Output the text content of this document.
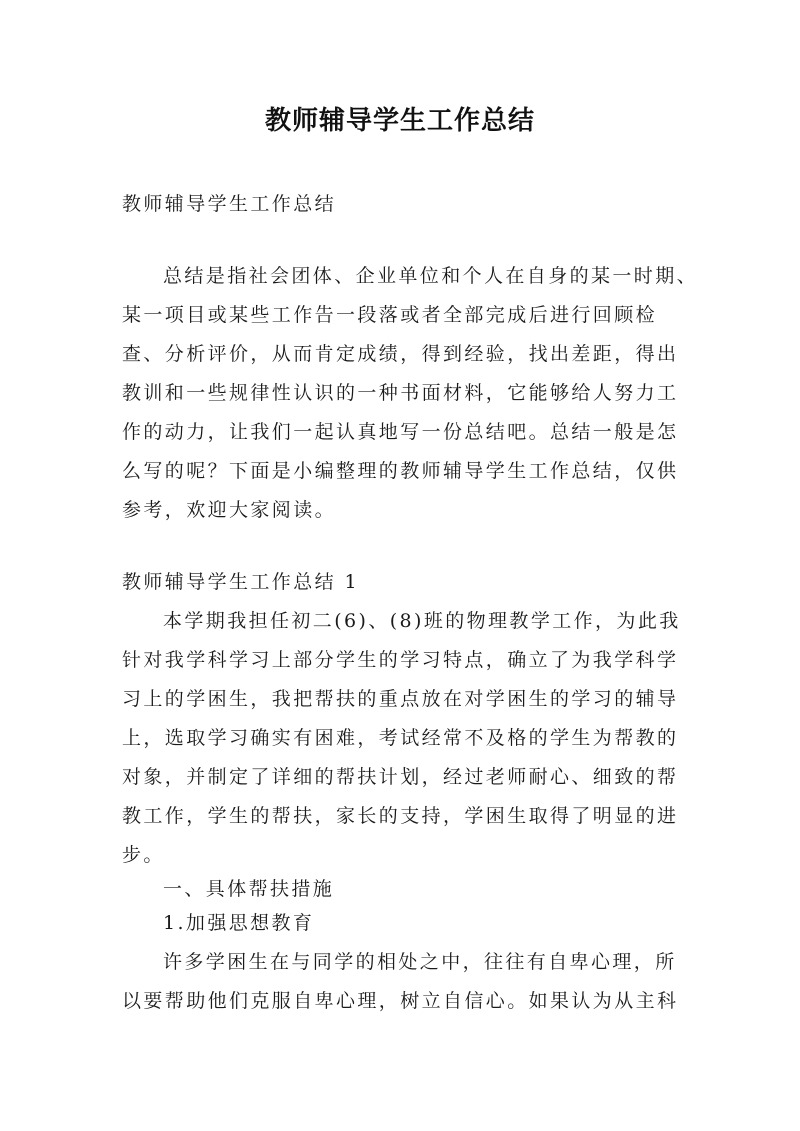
教师辅导学生工作总结
教师辅导学生工作总结
总结是指社会团体、企业单位和个人在自身的某一时期、
某一项目或某些工作告一段落或者全部完成后进行回顾检
查、分析评价，从而肯定成绩，得到经验，找出差距，得出
教训和一些规律性认识的一种书面材料，它能够给人努力工
作的动力，让我们一起认真地写一份总结吧。总结一般是怎
么写的呢？下面是小编整理的教师辅导学生工作总结，仅供
参考，欢迎大家阅读。
教师辅导学生工作总结 1
本学期我担任初二(6)、(8)班的物理教学工作，为此我
针对我学科学习上部分学生的学习特点，确立了为我学科学
习上的学困生，我把帮扶的重点放在对学困生的学习的辅导
上，选取学习确实有困难，考试经常不及格的学生为帮教的
对象，并制定了详细的帮扶计划，经过老师耐心、细致的帮
教工作，学生的帮扶，家长的支持，学困生取得了明显的进
步。
一、具体帮扶措施
1.加强思想教育
许多学困生在与同学的相处之中，往往有自卑心理，所
以要帮助他们克服自卑心理，树立自信心。如果认为从主科
